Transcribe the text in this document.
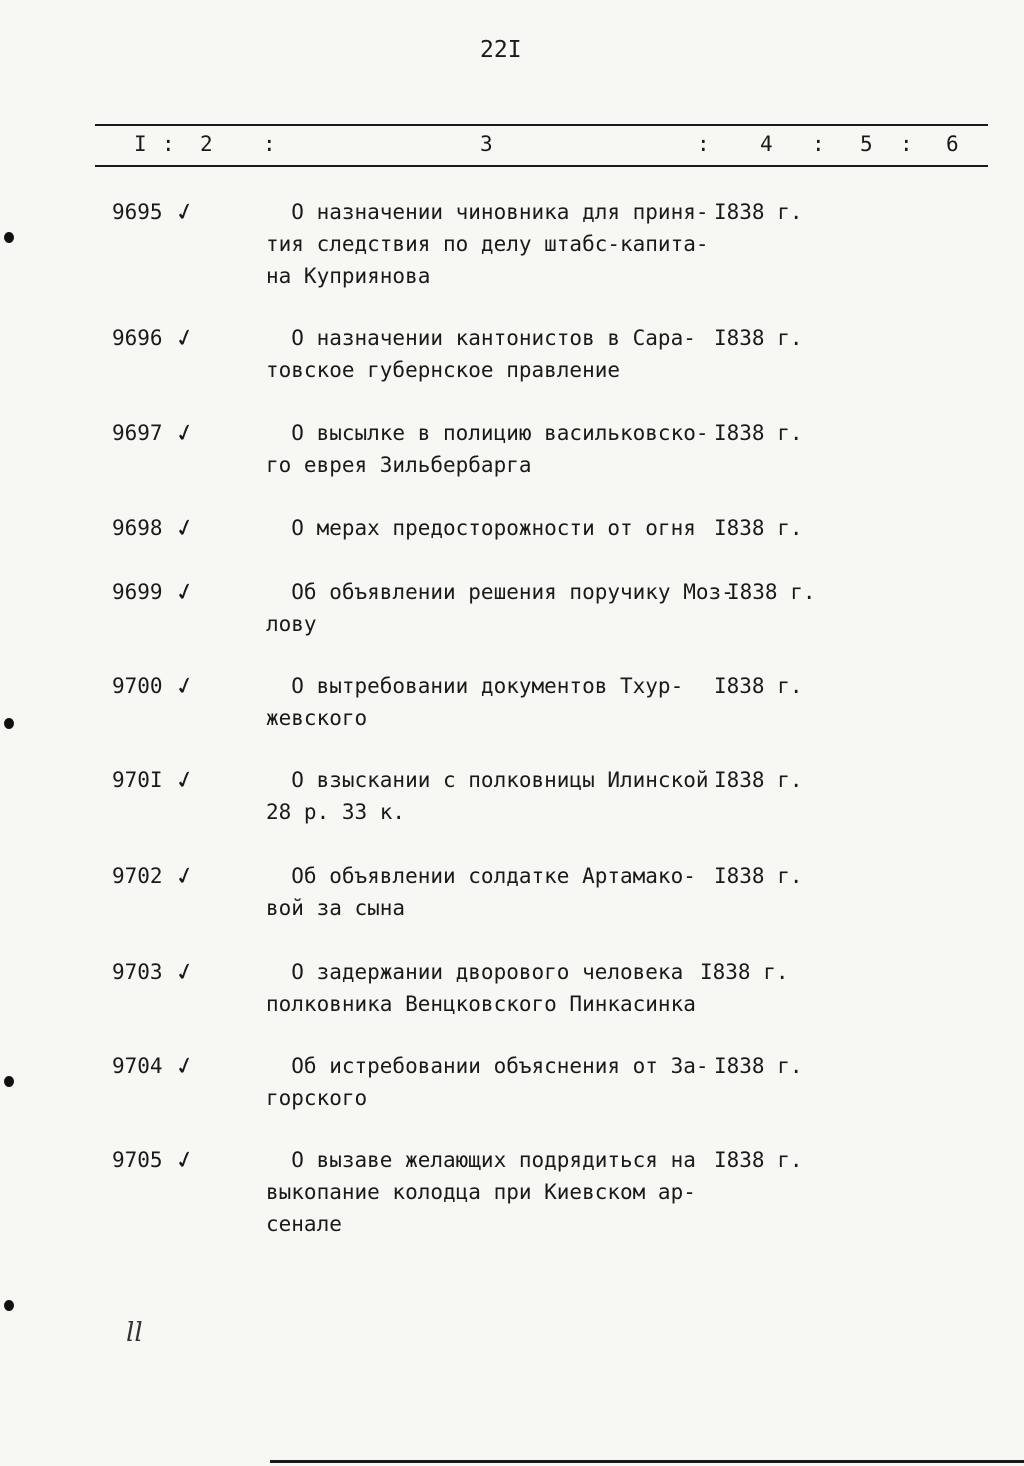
22I
I : 2 :	3	: 4 : 5 : 6
9695 ✓	О назначении чиновника для приня-
тия следствия по делу штабс-капита-
на Куприянова
I838 г.
9696 ✓	О назначении кантонистов в Сара-
товское губернское правление
I838 г.
9697 ✓	О высылке в полицию васильковско-
го еврея Зильбербарга
I838 г.
9698 ✓	О мерах предосторожности от огня I838 г.
9699 ✓	Об объявлении решения поручику Моз-
лову
I838 г.
9700 ✓	О вытребовании документов Тхур-
жевского
I838 г.
970I ✓	О взыскании с полковницы Илинской
28 р. 33 к.
I838 г.
9702 ✓	Об объявлении солдатке Артамако-
вой за сына
I838 г.
9703 ✓	О задержании дворового человека
полковника Венцковского Пинкасинка
I838 г.
9704 ✓	Об истребовании объяснения от За-
горского
I838 г.
9705 ✓	О вызаве желающих подрядиться на
выкопание колодца при Киевском ар-
сенале
I838 г.
ll
